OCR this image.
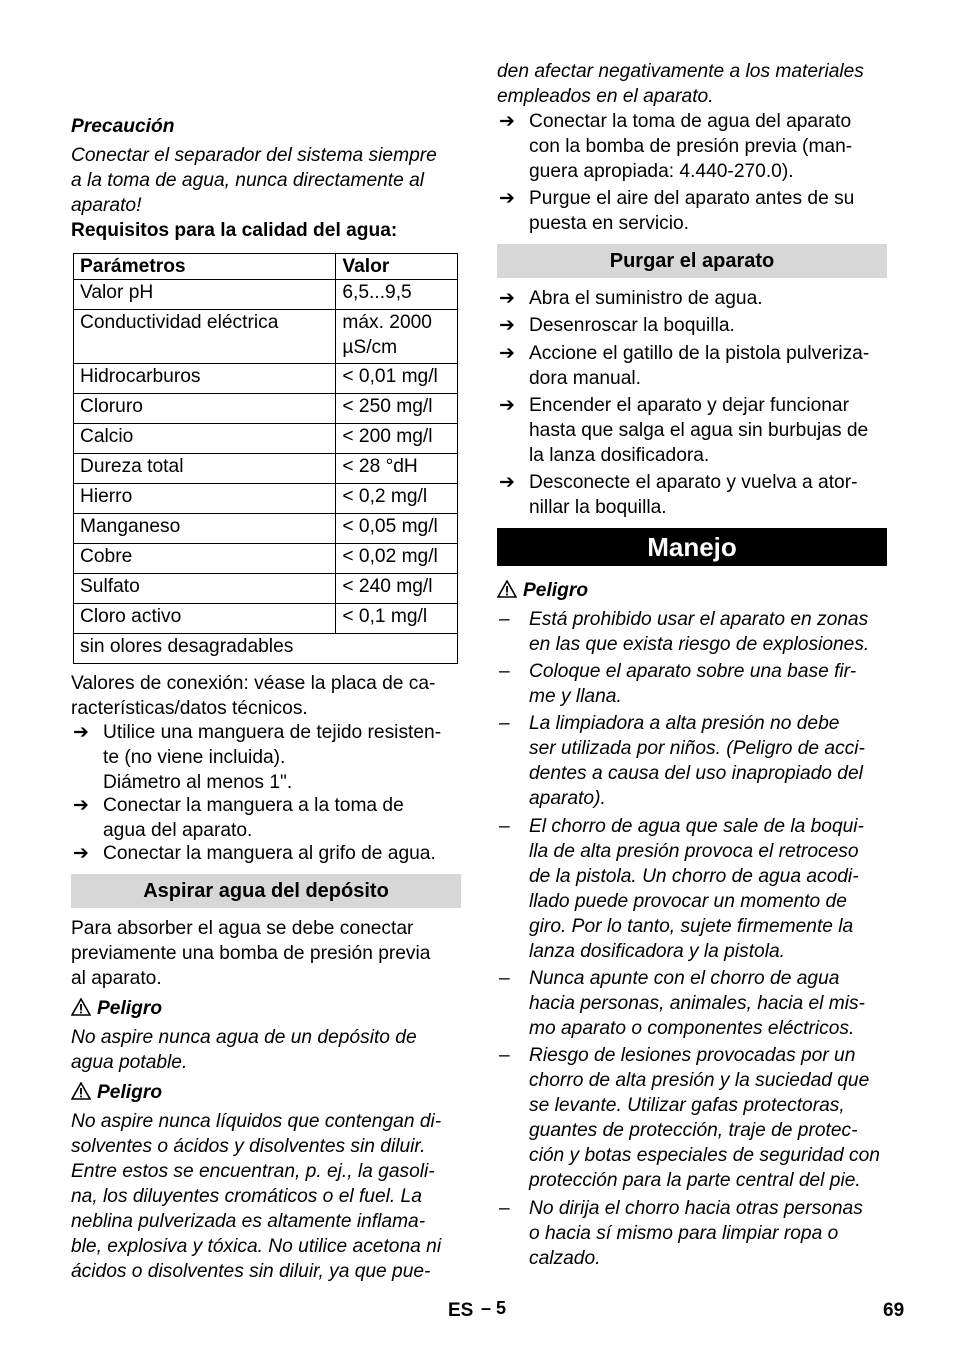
Precaución
Conectar el separador del sistema siempre
a la toma de agua, nunca directamente al
aparato!
Requisitos para la calidad del agua:
Parámetros	Valor
Valor pH	6,5...9,5
Conductividad eléctrica	máx. 2000 µS/cm
Hidrocarburos	< 0,01 mg/l
Cloruro	< 250 mg/l
Calcio	< 200 mg/l
Dureza total	< 28 °dH
Hierro	< 0,2 mg/l
Manganeso	< 0,05 mg/l
Cobre	< 0,02 mg/l
Sulfato	< 240 mg/l
Cloro activo	< 0,1 mg/l
sin olores desagradables	
Valores de conexión: véase la placa de ca-
racterísticas/datos técnicos.
➔ Utilice una manguera de tejido resisten-
te (no viene incluida).
Diámetro al menos 1".
➔ Conectar la manguera a la toma de
agua del aparato.
➔ Conectar la manguera al grifo de agua.
Aspirar agua del depósito
Para absorber el agua se debe conectar
previamente una bomba de presión previa
al aparato.
Peligro
No aspire nunca agua de un depósito de
agua potable.
Peligro
No aspire nunca líquidos que contengan di-
solventes o ácidos y disolventes sin diluir.
Entre estos se encuentran, p. ej., la gasoli-
na, los diluyentes cromáticos o el fuel. La
neblina pulverizada es altamente inflama-
ble, explosiva y tóxica. No utilice acetona ni
ácidos o disolventes sin diluir, ya que pue-
den afectar negativamente a los materiales
empleados en el aparato.
➔ Conectar la toma de agua del aparato
con la bomba de presión previa (man-
guera apropiada: 4.440-270.0).
➔ Purgue el aire del aparato antes de su
puesta en servicio.
Purgar el aparato
➔ Abra el suministro de agua.
➔ Desenroscar la boquilla.
➔ Accione el gatillo de la pistola pulveriza-
dora manual.
➔ Encender el aparato y dejar funcionar
hasta que salga el agua sin burbujas de
la lanza dosificadora.
➔ Desconecte el aparato y vuelva a ator-
nillar la boquilla.
Manejo
Peligro
– Está prohibido usar el aparato en zonas
en las que exista riesgo de explosiones.
– Coloque el aparato sobre una base fir-
me y llana.
– La limpiadora a alta presión no debe
ser utilizada por niños. (Peligro de acci-
dentes a causa del uso inapropiado del
aparato).
– El chorro de agua que sale de la boqui-
lla de alta presión provoca el retroceso
de la pistola. Un chorro de agua acodi-
llado puede provocar un momento de
giro. Por lo tanto, sujete firmemente la
lanza dosificadora y la pistola.
– Nunca apunte con el chorro de agua
hacia personas, animales, hacia el mis-
mo aparato o componentes eléctricos.
– Riesgo de lesiones provocadas por un
chorro de alta presión y la suciedad que
se levante. Utilizar gafas protectoras,
guantes de protección, traje de protec-
ción y botas especiales de seguridad con
protección para la parte central del pie.
– No dirija el chorro hacia otras personas
o hacia sí mismo para limpiar ropa o
calzado.
ES – 5	69
